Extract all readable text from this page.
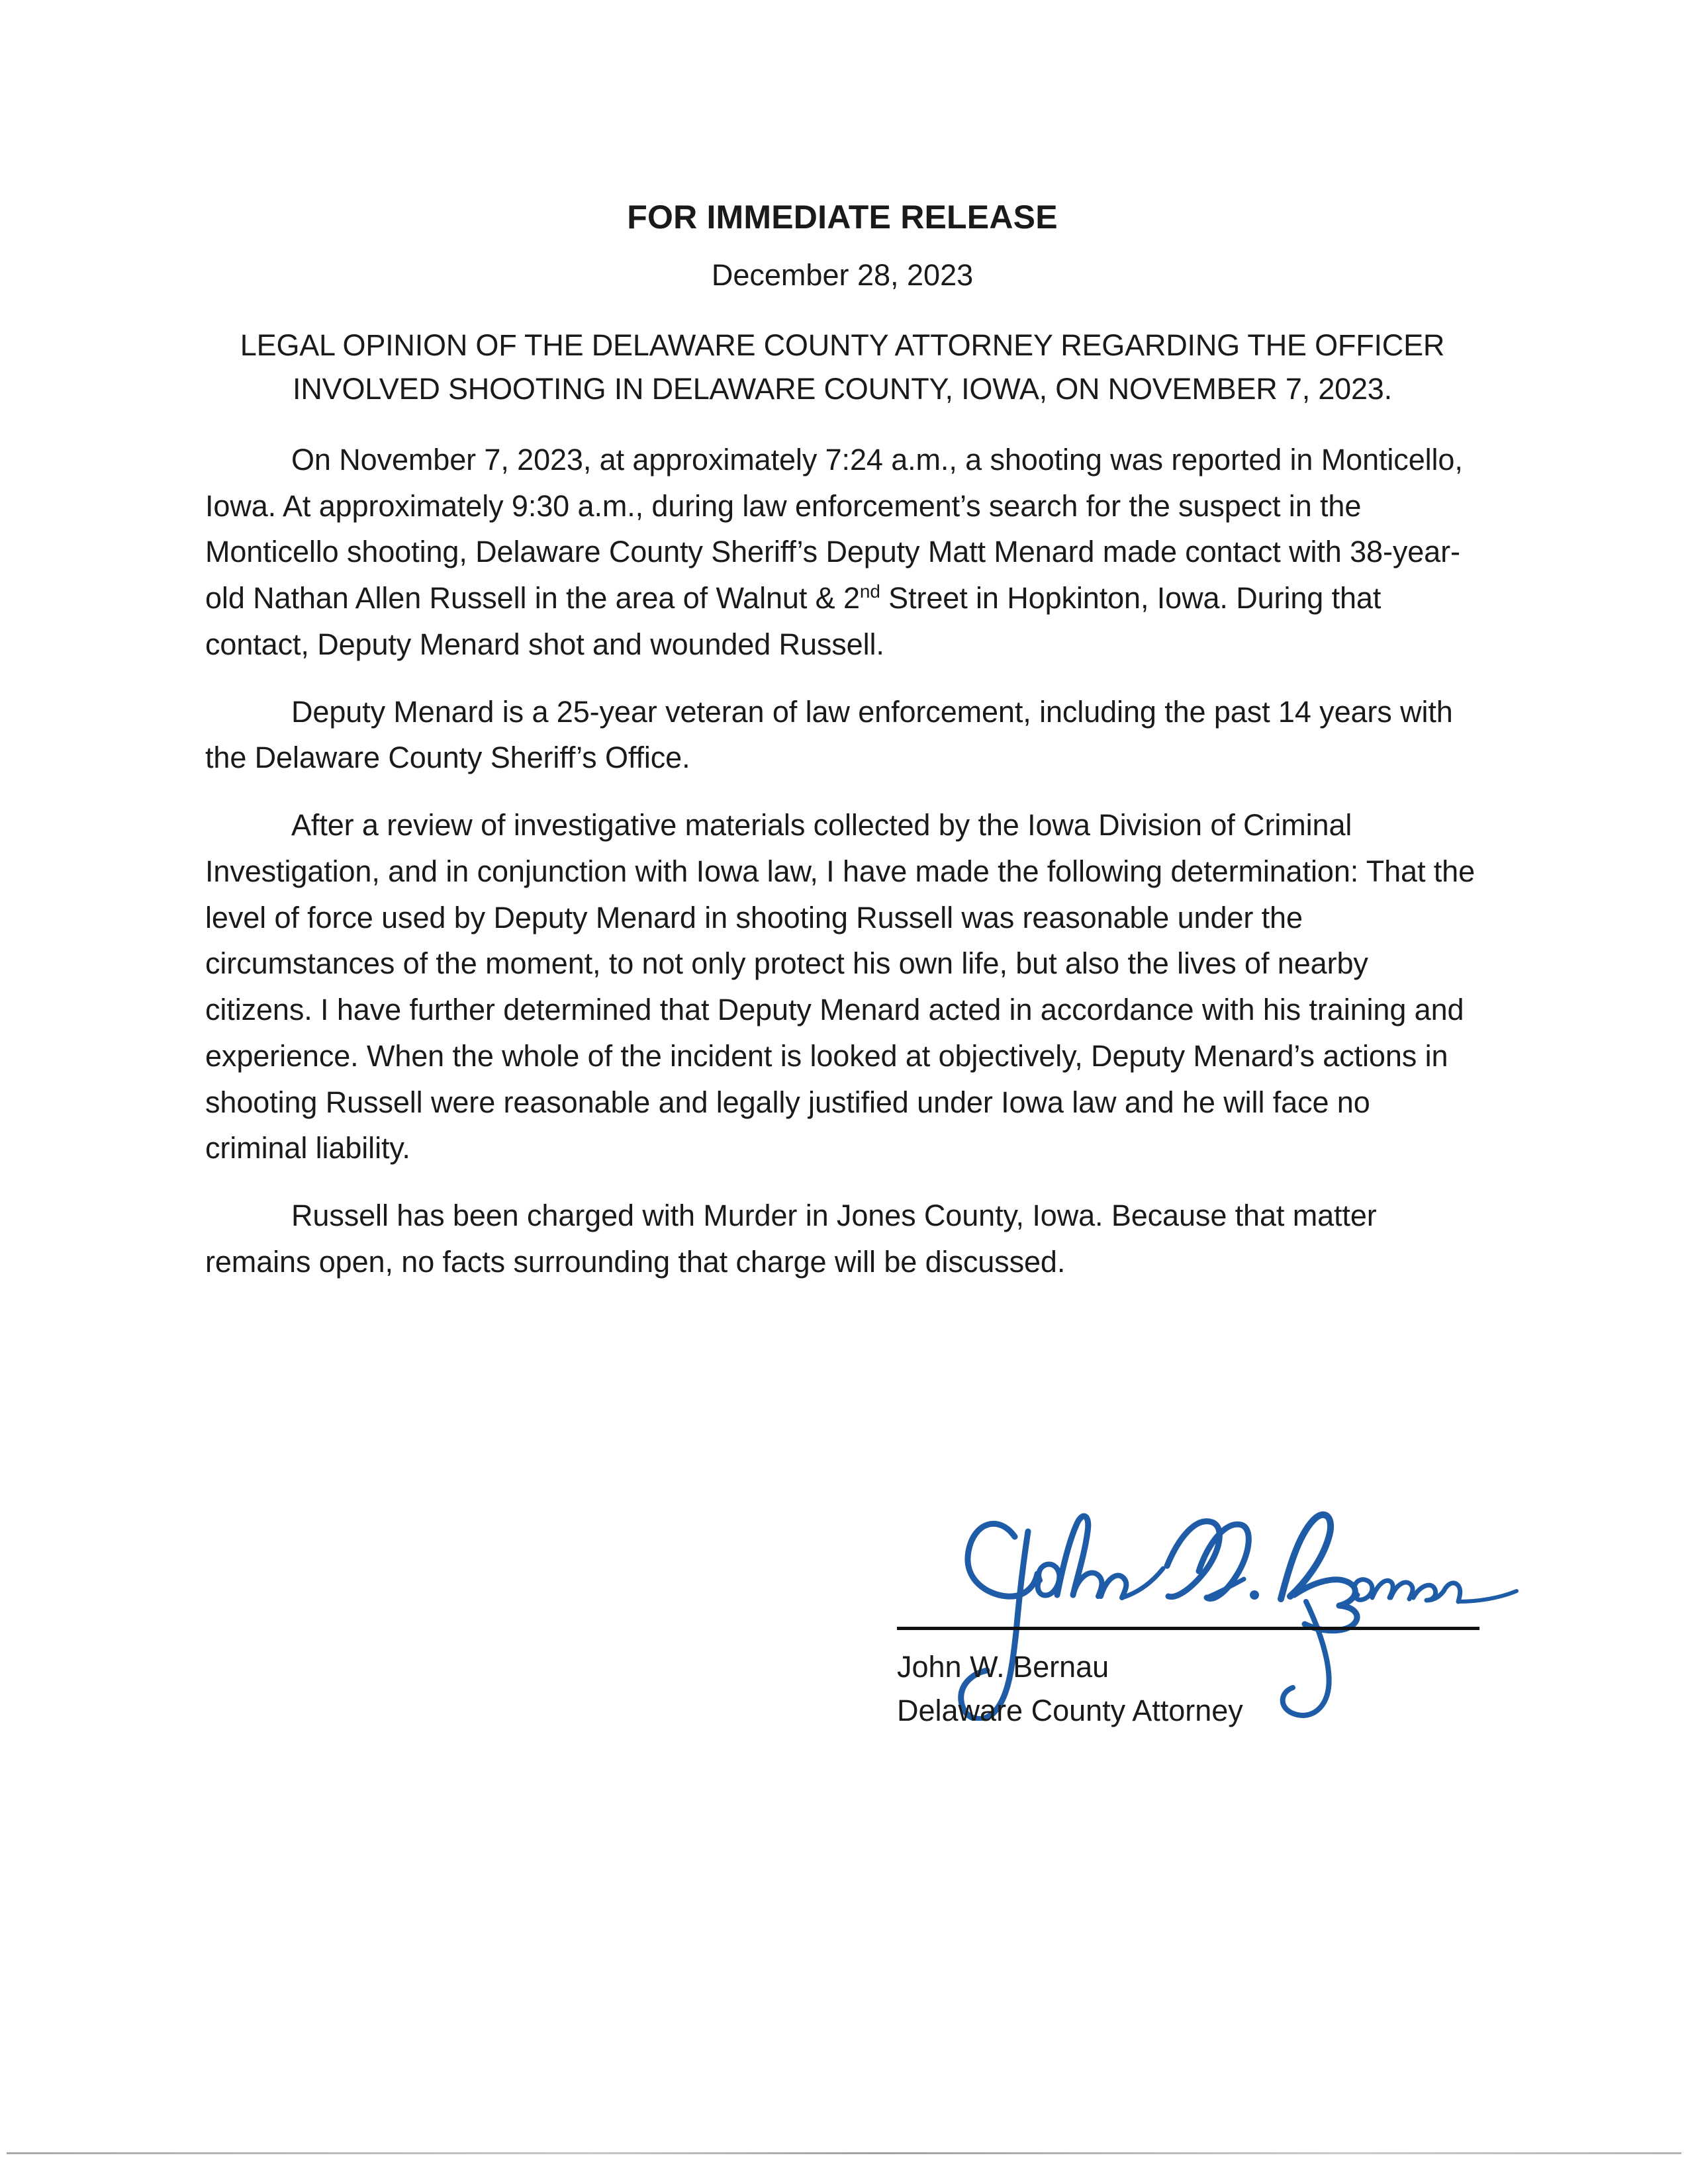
FOR IMMEDIATE RELEASE
December 28, 2023
LEGAL OPINION OF THE DELAWARE COUNTY ATTORNEY REGARDING THE OFFICER INVOLVED SHOOTING IN DELAWARE COUNTY, IOWA, ON NOVEMBER 7, 2023.

On November 7, 2023, at approximately 7:24 a.m., a shooting was reported in Monticello, Iowa. At approximately 9:30 a.m., during law enforcement’s search for the suspect in the Monticello shooting, Delaware County Sheriff’s Deputy Matt Menard made contact with 38-year-old Nathan Allen Russell in the area of Walnut & 2nd Street in Hopkinton, Iowa. During that contact, Deputy Menard shot and wounded Russell.

Deputy Menard is a 25-year veteran of law enforcement, including the past 14 years with the Delaware County Sheriff’s Office.

After a review of investigative materials collected by the Iowa Division of Criminal Investigation, and in conjunction with Iowa law, I have made the following determination: That the level of force used by Deputy Menard in shooting Russell was reasonable under the circumstances of the moment, to not only protect his own life, but also the lives of nearby citizens. I have further determined that Deputy Menard acted in accordance with his training and experience. When the whole of the incident is looked at objectively, Deputy Menard’s actions in shooting Russell were reasonable and legally justified under Iowa law and he will face no criminal liability.

Russell has been charged with Murder in Jones County, Iowa. Because that matter remains open, no facts surrounding that charge will be discussed.

John W. Bernau
Delaware County Attorney
